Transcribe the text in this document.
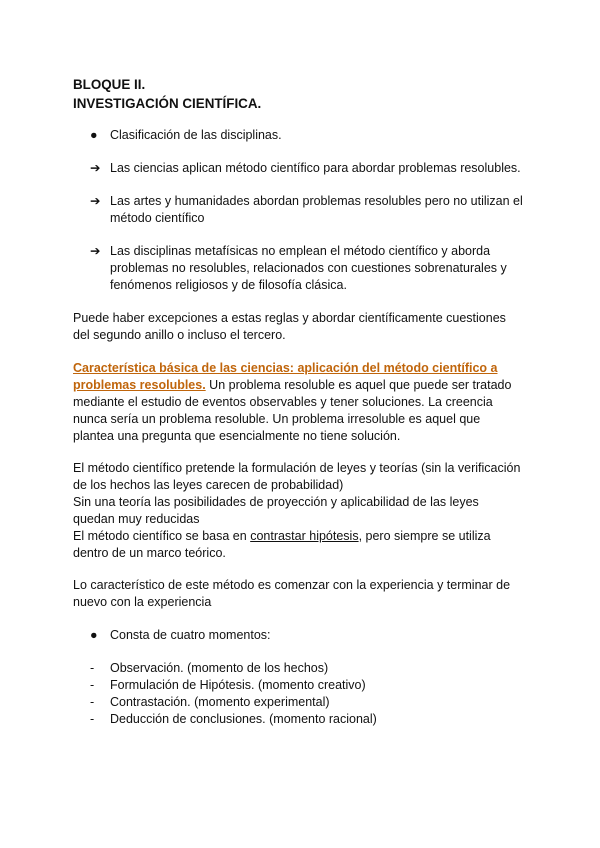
BLOQUE II.
INVESTIGACIÓN CIENTÍFICA.
● Clasificación de las disciplinas.
➔ Las ciencias aplican método científico para abordar problemas resolubles.
➔ Las artes y humanidades abordan problemas resolubles pero no utilizan el método científico
➔ Las disciplinas metafísicas no emplean el método científico y aborda problemas no resolubles, relacionados con cuestiones sobrenaturales y fenómenos religiosos y de filosofía clásica.
Puede haber excepciones a estas reglas y abordar científicamente cuestiones del segundo anillo o incluso el tercero.
Característica básica de las ciencias: aplicación del método científico a problemas resolubles. Un problema resoluble es aquel que puede ser tratado mediante el estudio de eventos observables y tener soluciones. La creencia nunca sería un problema resoluble. Un problema irresoluble es aquel que plantea una pregunta que esencialmente no tiene solución.
El método científico pretende la formulación de leyes y teorías (sin la verificación de los hechos las leyes carecen de probabilidad)
Sin una teoría las posibilidades de proyección y aplicabilidad de las leyes quedan muy reducidas
El método científico se basa en contrastar hipótesis, pero siempre se utiliza dentro de un marco teórico.
Lo característico de este método es comenzar con la experiencia y terminar de nuevo con la experiencia
● Consta de cuatro momentos:
-	Observación. (momento de los hechos)
-	Formulación de Hipótesis. (momento creativo)
-	Contrastación. (momento experimental)
-	Deducción de conclusiones. (momento racional)
